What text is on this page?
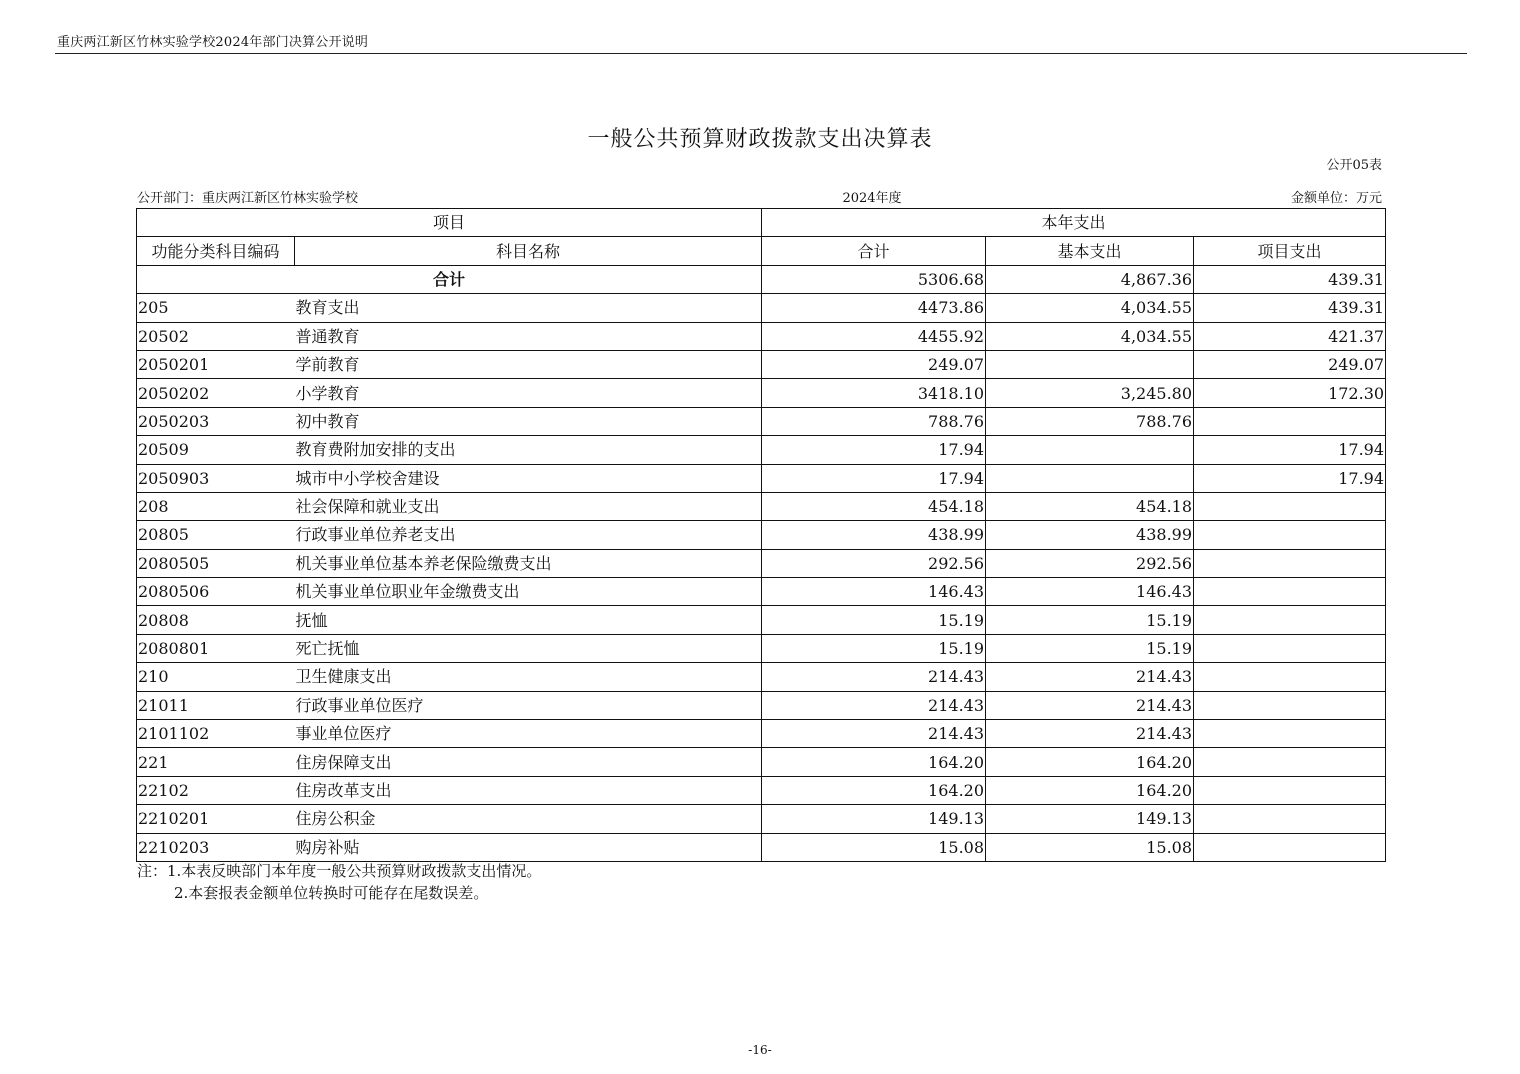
重庆两江新区竹林实验学校2024年部门决算公开说明
一般公共预算财政拨款支出决算表
公开05表
公开部门：重庆两江新区竹林实验学校	2024年度	金额单位：万元
项目		本年支出		
功能分类科目编码	科目名称	合计	基本支出	项目支出
合计		5306.68	4,867.36	439.31
205	教育支出	4473.86	4,034.55	439.31
20502	普通教育	4455.92	4,034.55	421.37
2050201	学前教育	249.07		249.07
2050202	小学教育	3418.10	3,245.80	172.30
2050203	初中教育	788.76	788.76	
20509	教育费附加安排的支出	17.94		17.94
2050903	城市中小学校舍建设	17.94		17.94
208	社会保障和就业支出	454.18	454.18	
20805	行政事业单位养老支出	438.99	438.99	
2080505	机关事业单位基本养老保险缴费支出	292.56	292.56	
2080506	机关事业单位职业年金缴费支出	146.43	146.43	
20808	抚恤	15.19	15.19	
2080801	死亡抚恤	15.19	15.19	
210	卫生健康支出	214.43	214.43	
21011	行政事业单位医疗	214.43	214.43	
2101102	事业单位医疗	214.43	214.43	
221	住房保障支出	164.20	164.20	
22102	住房改革支出	164.20	164.20	
2210201	住房公积金	149.13	149.13	
2210203	购房补贴	15.08	15.08	
注：1.本表反映部门本年度一般公共预算财政拨款支出情况。
2.本套报表金额单位转换时可能存在尾数误差。
-16-
